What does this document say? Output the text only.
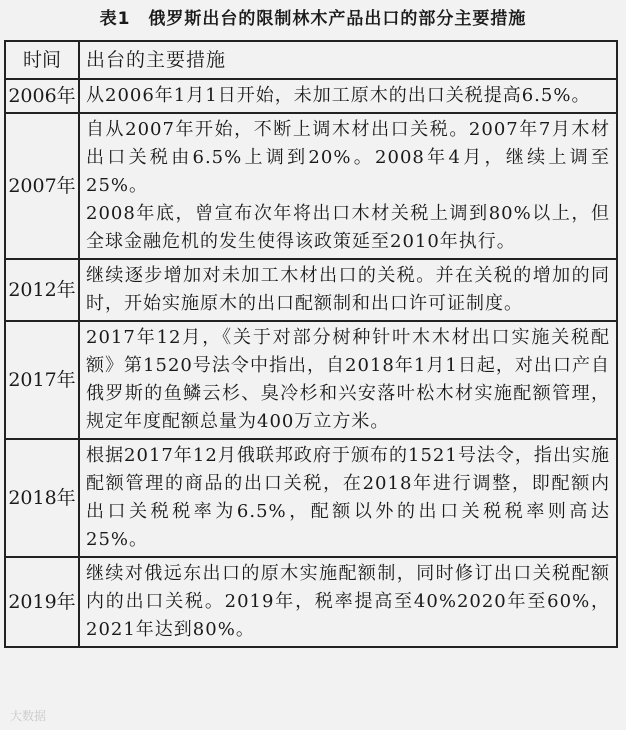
表1　俄罗斯出台的限制林木产品出口的部分主要措施
时间	出台的主要措施
2006年	从2006年1月1日开始，未加工原木的出口关税提高6.5%。

2007年	自从2007年开始，不断上调木材出口关税。2007年7月木材出口关税由6.5%上调到20%。2008年4月，继续上调至25%。
2008年底，曾宣布次年将出口木材关税上调到80%以上，但全球金融危机的发生使得该政策延至2010年执行。

2012年	继续逐步增加对未加工木材出口的关税。并在关税的增加的同时，开始实施原木的出口配额制和出口许可证制度。

2017年	2017年12月，《关于对部分树种针叶木木材出口实施关税配额》第1520号法令中指出，自2018年1月1日起，对出口产自俄罗斯的鱼鳞云杉、臭冷杉和兴安落叶松木材实施配额管理，规定年度配额总量为400万立方米。

2018年	根据2017年12月俄联邦政府于颁布的1521号法令，指出实施配额管理的商品的出口关税，在2018年进行调整，即配额内出口关税税率为6.5%，配额以外的出口关税税率则高达25%。

2019年	继续对俄远东出口的原木实施配额制，同时修订出口关税配额内的出口关税。2019年，税率提高至40%2020年至60%，2021年达到80%。
大数据
